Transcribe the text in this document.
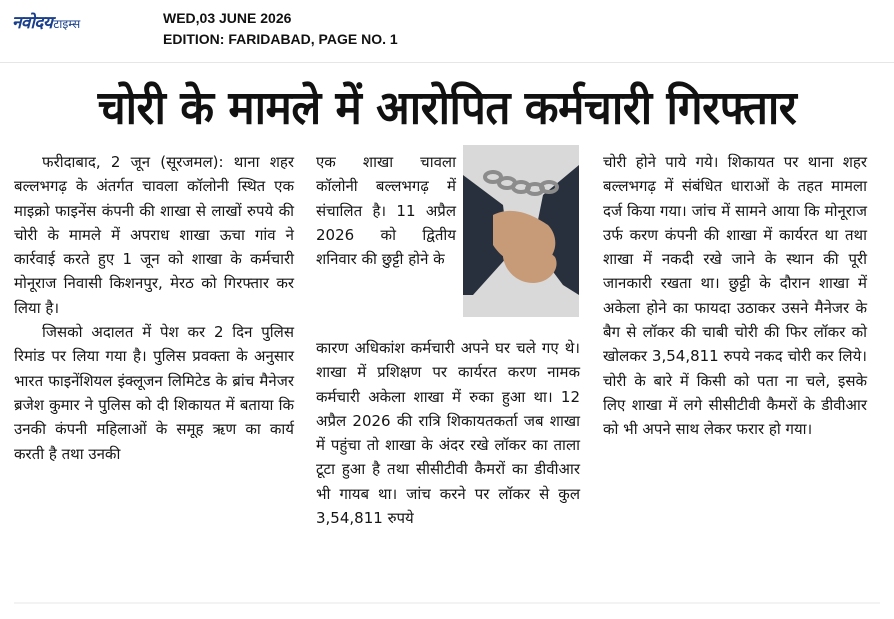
नवोदय टाइम्स	WED,03 JUNE 2026
EDITION: FARIDABAD, PAGE NO. 1
चोरी के मामले में आरोपित कर्मचारी गिरफ्तार

फरीदाबाद, 2 जून (सूरजमल): थाना शहर बल्लभगढ़ के अंतर्गत चावला कॉलोनी स्थित एक माइक्रो फाइनेंस कंपनी की शाखा से लाखों रुपये की चोरी के मामले में अपराध शाखा ऊचा गांव ने कार्रवाई करते हुए 1 जून को शाखा के कर्मचारी मोनूराज निवासी किशनपुर, मेरठ को गिरफ्तार कर लिया है।

जिसको अदालत में पेश कर 2 दिन पुलिस रिमांड पर लिया गया है। पुलिस प्रवक्ता के अनुसार भारत फाइनेंशियल इंक्लूजन लिमिटेड के ब्रांच मैनेजर ब्रजेश कुमार ने पुलिस को दी शिकायत में बताया कि उनकी कंपनी महिलाओं के समूह ऋण का कार्य करती है तथा उनकी

एक शाखा चावला कॉलोनी बल्लभगढ़ में संचालित है। 11 अप्रैल 2026 को द्वितीय शनिवार की छुट्टी होने के

कारण अधिकांश कर्मचारी अपने घर चले गए थे। शाखा में प्रशिक्षण पर कार्यरत करण नामक कर्मचारी अकेला शाखा में रुका हुआ था। 12 अप्रैल 2026 की रात्रि शिकायतकर्ता जब शाखा में पहुंचा तो शाखा के अंदर रखे लॉकर का ताला टूटा हुआ है तथा सीसीटीवी कैमरों का डीवीआर भी गायब था। जांच करने पर लॉकर से कुल 3,54,811 रुपये

चोरी होने पाये गये। शिकायत पर थाना शहर बल्लभगढ़ में संबंधित धाराओं के तहत मामला दर्ज किया गया। जांच में सामने आया कि मोनूराज उर्फ करण कंपनी की शाखा में कार्यरत था तथा शाखा में नकदी रखे जाने के स्थान की पूरी जानकारी रखता था। छुट्टी के दौरान शाखा में अकेला होने का फायदा उठाकर उसने मैनेजर के बैग से लॉकर की चाबी चोरी की फिर लॉकर को खोलकर 3,54,811 रुपये नकद चोरी कर लिये। चोरी के बारे में किसी को पता ना चले, इसके लिए शाखा में लगे सीसीटीवी कैमरों के डीवीआर को भी अपने साथ लेकर फरार हो गया।
